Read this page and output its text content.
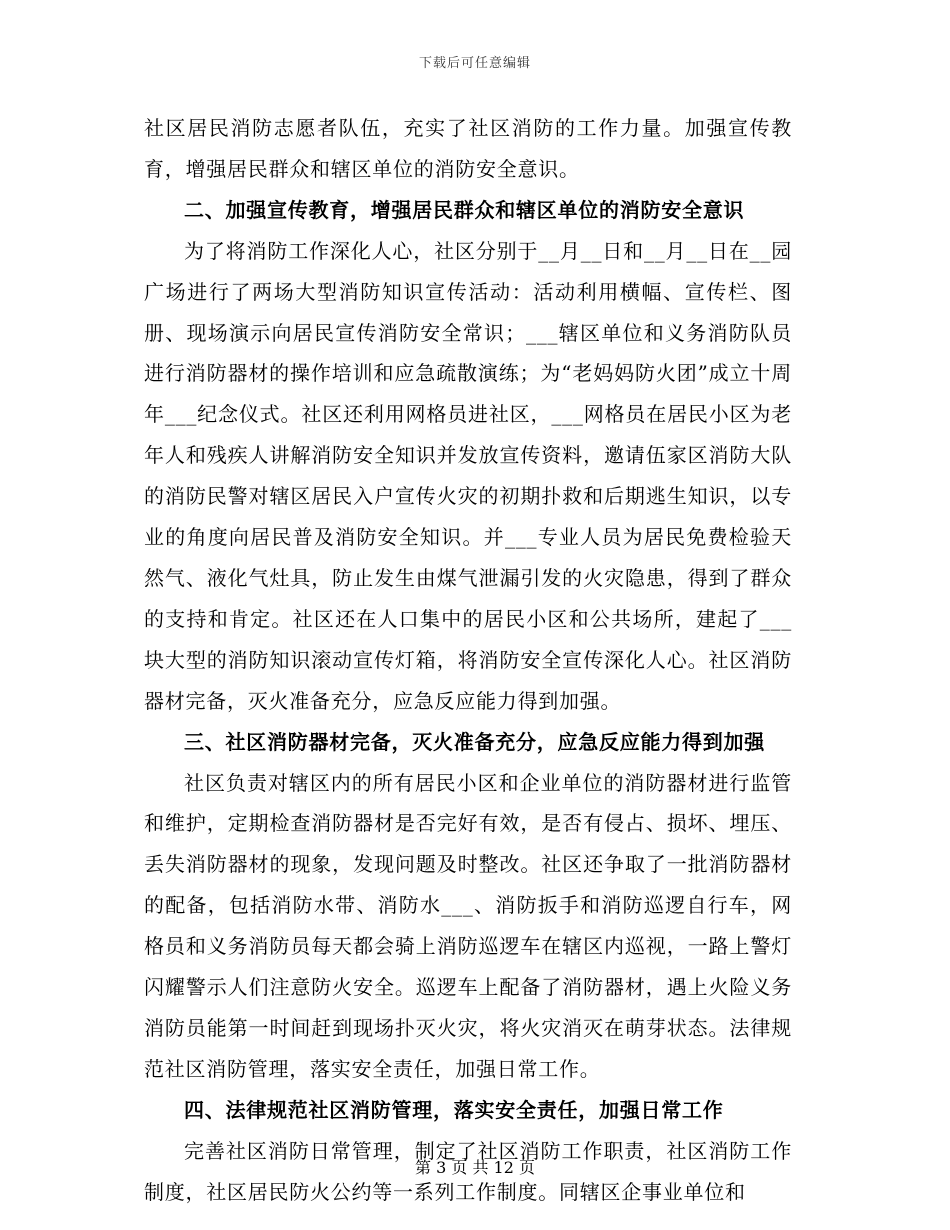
下载后可任意编辑

社区居民消防志愿者队伍，充实了社区消防的工作力量。加强宣传教育，增强居民群众和辖区单位的消防安全意识。

二、加强宣传教育，增强居民群众和辖区单位的消防安全意识

为了将消防工作深化人心，社区分别于__月__日和__月__日在__园广场进行了两场大型消防知识宣传活动：活动利用横幅、宣传栏、图册、现场演示向居民宣传消防安全常识；___辖区单位和义务消防队员进行消防器材的操作培训和应急疏散演练；为“老妈妈防火团”成立十周年___纪念仪式。社区还利用网格员进社区，___网格员在居民小区为老年人和残疾人讲解消防安全知识并发放宣传资料，邀请伍家区消防大队的消防民警对辖区居民入户宣传火灾的初期扑救和后期逃生知识，以专业的角度向居民普及消防安全知识。并___专业人员为居民免费检验天然气、液化气灶具，防止发生由煤气泄漏引发的火灾隐患，得到了群众的支持和肯定。社区还在人口集中的居民小区和公共场所，建起了___块大型的消防知识滚动宣传灯箱，将消防安全宣传深化人心。社区消防器材完备，灭火准备充分，应急反应能力得到加强。

三、社区消防器材完备，灭火准备充分，应急反应能力得到加强

社区负责对辖区内的所有居民小区和企业单位的消防器材进行监管和维护，定期检查消防器材是否完好有效，是否有侵占、损坏、埋压、丢失消防器材的现象，发现问题及时整改。社区还争取了一批消防器材的配备，包括消防水带、消防水___、消防扳手和消防巡逻自行车，网格员和义务消防员每天都会骑上消防巡逻车在辖区内巡视，一路上警灯闪耀警示人们注意防火安全。巡逻车上配备了消防器材，遇上火险义务消防员能第一时间赶到现场扑灭火灾，将火灾消灭在萌芽状态。法律规范社区消防管理，落实安全责任，加强日常工作。

四、法律规范社区消防管理，落实安全责任，加强日常工作

完善社区消防日常管理，制定了社区消防工作职责，社区消防工作制度，社区居民防火公约等一系列工作制度。同辖区企事业单位和

第 3 页 共 12 页
